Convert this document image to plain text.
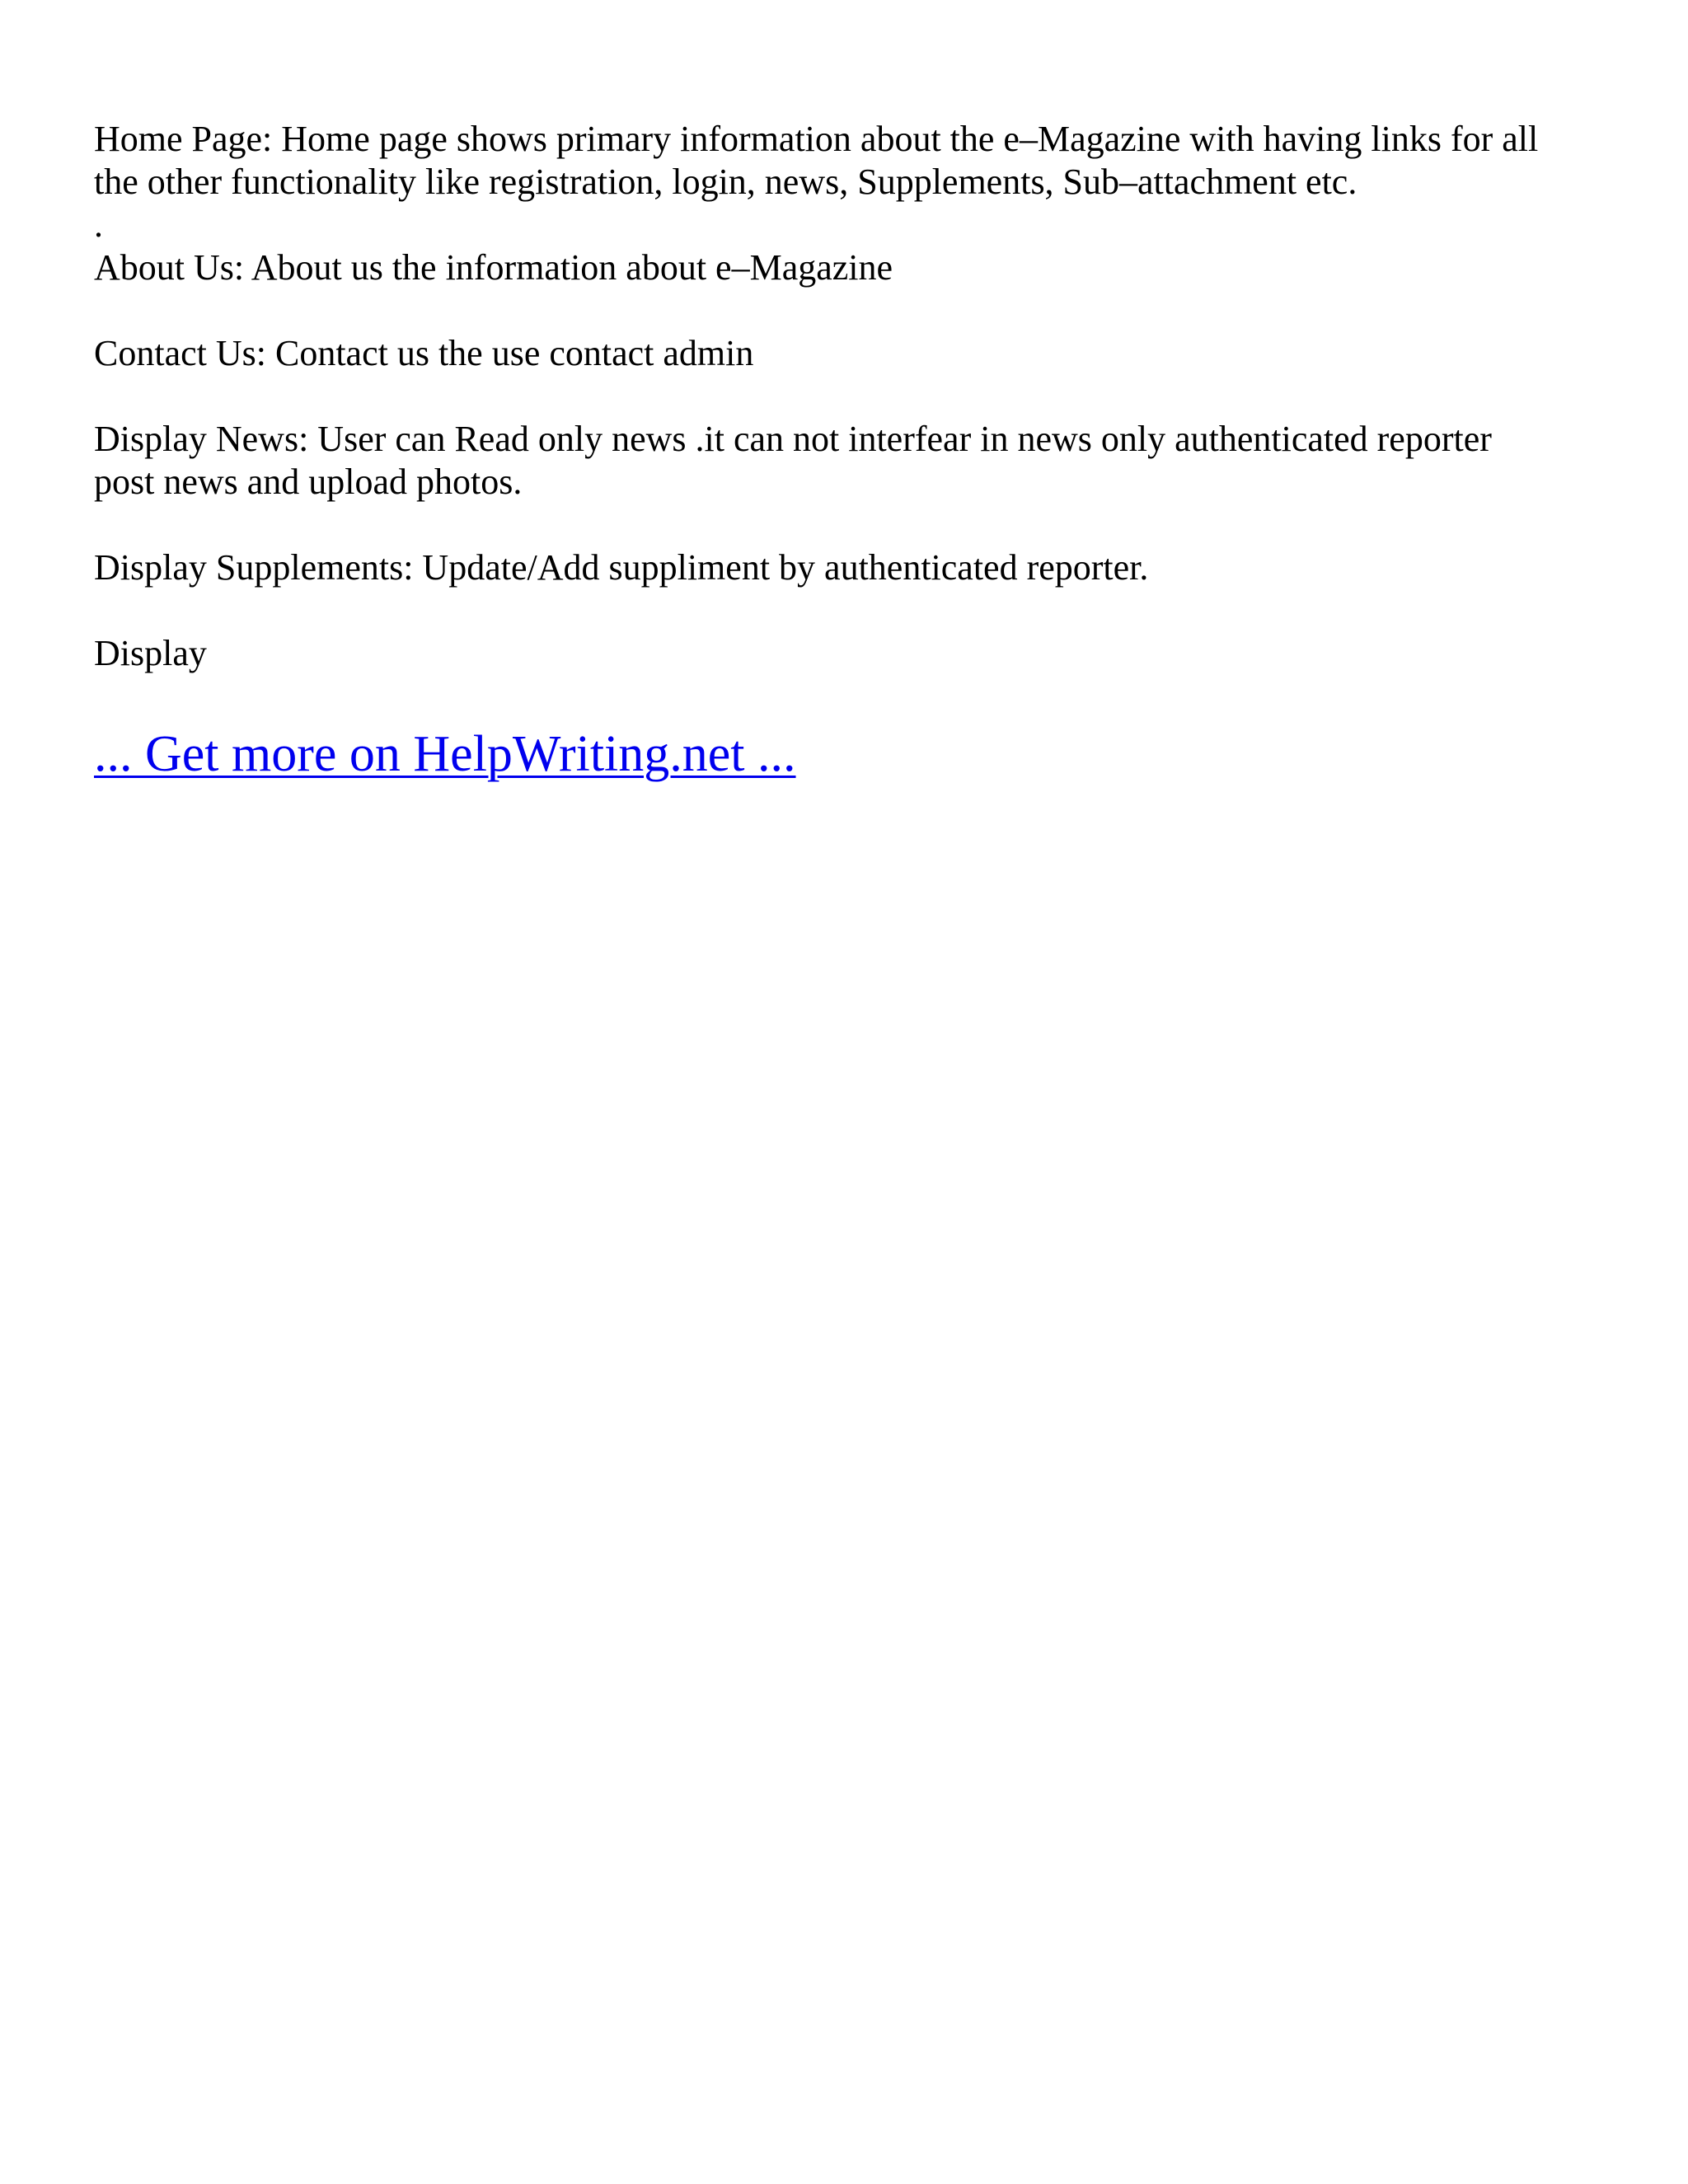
Home Page: Home page shows primary information about the e–Magazine with having links for all

the other functionality like registration, login, news, Supplements, Sub–attachment etc.

.

About Us: About us the information about e–Magazine

Contact Us: Contact us the use contact admin

Display News: User can Read only news .it can not interfear in news only authenticated reporter

post news and upload photos.

Display Supplements: Update/Add suppliment by authenticated reporter.

Display

... Get more on HelpWriting.net ...
